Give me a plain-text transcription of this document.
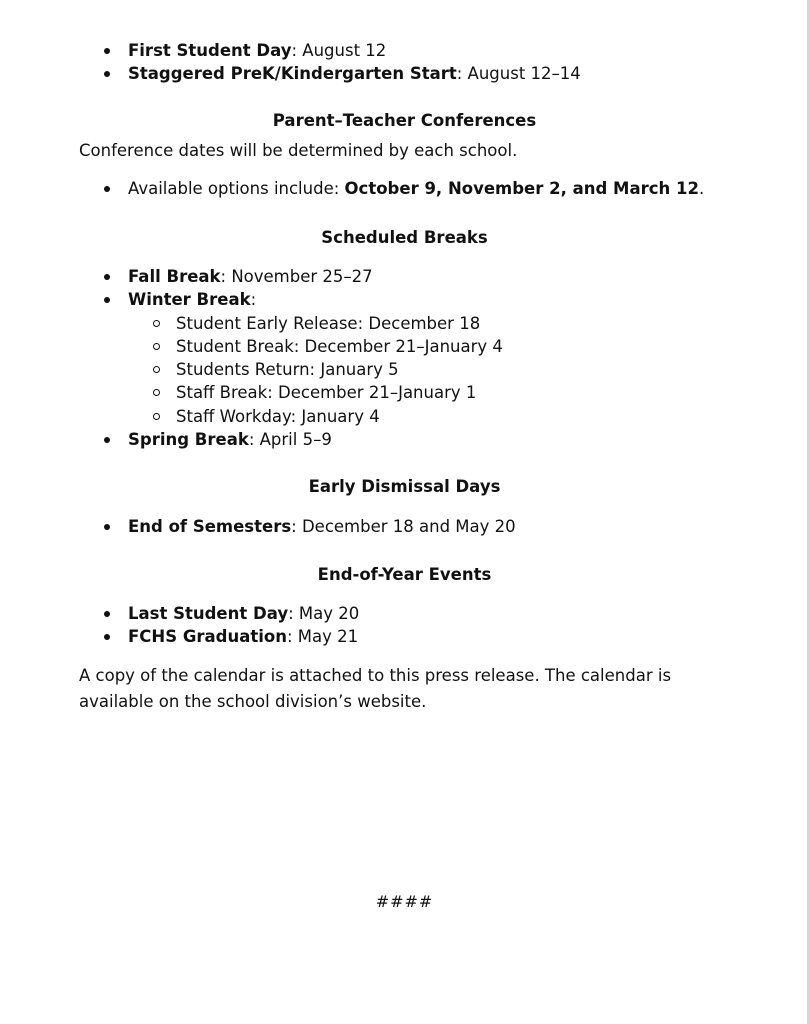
First Student Day: August 12
Staggered PreK/Kindergarten Start: August 12–14
Parent–Teacher Conferences
Conference dates will be determined by each school.
Available options include: October 9, November 2, and March 12.
Scheduled Breaks
Fall Break: November 25–27
Winter Break:
Student Early Release: December 18
Student Break: December 21–January 4
Students Return: January 5
Staff Break: December 21–January 1
Staff Workday: January 4
Spring Break: April 5–9
Early Dismissal Days
End of Semesters: December 18 and May 20
End-of-Year Events
Last Student Day: May 20
FCHS Graduation: May 21
A copy of the calendar is attached to this press release. The calendar is available on the school division’s website.
####
